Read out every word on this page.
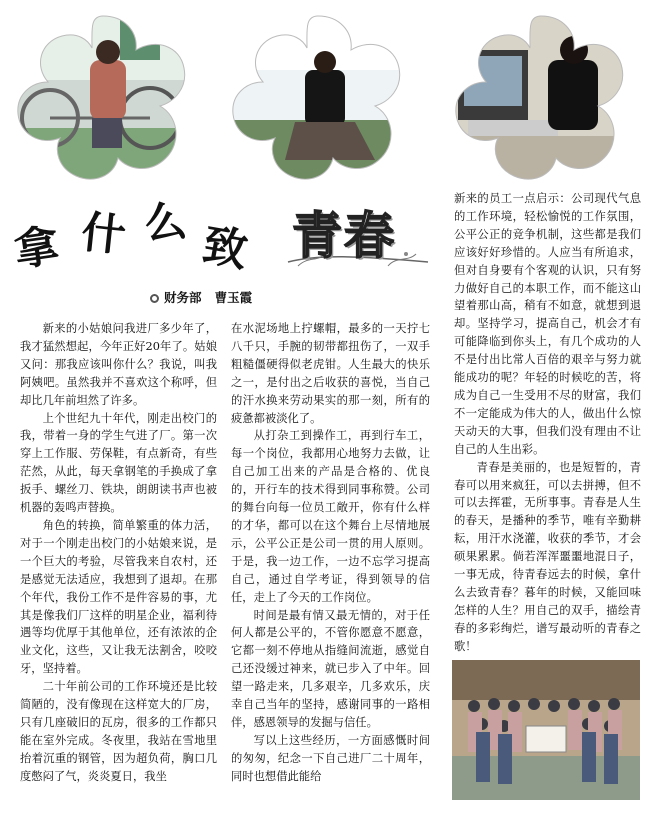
拿 什 么 致 青春
财务部 曹玉霞

新来的小姑娘问我进厂多少年了，我才猛然想起，今年正好20年了。姑娘又问：那我应该叫你什么？我说，叫我阿姨吧。虽然我并不喜欢这个称呼，但却比几年前坦然了许多。

上个世纪九十年代，刚走出校门的我，带着一身的学生气进了厂。第一次穿上工作服、劳保鞋，有点新奇，有些茫然，从此，每天拿钢笔的手换成了拿扳手、螺丝刀、铁块，朗朗读书声也被机器的轰鸣声替换。

角色的转换，简单繁重的体力活，对于一个刚走出校门的小姑娘来说，是一个巨大的考验，尽管我来自农村，还是感觉无法适应，我想到了退却。在那个年代，我份工作不是件容易的事，尤其是像我们厂这样的明星企业，福利待遇等均优厚于其他单位，还有浓浓的企业文化，这些，又让我无法割舍，咬咬牙，坚持着。

二十年前公司的工作环境还是比较简陋的，没有像现在这样宽大的厂房，只有几座破旧的瓦房，很多的工作都只能在室外完成。冬夜里，我站在雪地里抬着沉重的钢管，因为超负荷，胸口几度憋闷了气，炎炎夏日，我坐

在水泥场地上拧螺帽，最多的一天拧七八千只，手腕的韧带都扭伤了，一双手粗糙僵硬得似老虎钳。人生最大的快乐之一，是付出之后收获的喜悦，当自己的汗水换来劳动果实的那一刻，所有的疲惫都被淡化了。

从打杂工到操作工，再到行车工，每一个岗位，我都用心地努力去做，让自己加工出来的产品是合格的、优良的，开行车的技术得到同事称赞。公司的舞台向每一位员工敞开，你有什么样的才华，都可以在这个舞台上尽情地展示，公平公正是公司一贯的用人原则。于是，我一边工作，一边不忘学习提高自己，通过自学考证，得到领导的信任，走上了今天的工作岗位。

时间是最有情又最无情的，对于任何人都是公平的，不管你愿意不愿意，它都一刻不停地从指缝间流逝，感觉自己还没缓过神来，就已步入了中年。回望一路走来，几多艰辛，几多欢乐，庆幸自己当年的坚持，感谢同事的一路相伴，感恩领导的发掘与信任。

写以上这些经历，一方面感慨时间的匆匆，纪念一下自己进厂二十周年，同时也想借此能给

新来的员工一点启示：公司现代气息的工作环境，轻松愉悦的工作氛围，公平公正的竞争机制，这些都是我们应该好好珍惜的。人应当有所追求，但对自身要有个客观的认识，只有努力做好自己的本职工作，而不能这山望着那山高，稍有不如意，就想到退却。坚持学习，提高自己，机会才有可能降临到你头上，有几个成功的人不是付出比常人百倍的艰辛与努力就能成功的呢？年轻的时候吃的苦，将成为自己一生受用不尽的财富，我们不一定能成为伟大的人，做出什么惊天动天的大事，但我们没有理由不让自己的人生出彩。

青春是美丽的，也是短暂的，青春可以用来疯狂，可以去拼搏，但不可以去挥霍，无所事事。青春是人生的春天，是播种的季节，唯有辛勤耕耘，用汗水浇灌，收获的季节，才会硕果累累。倘若浑浑噩噩地混日子，一事无成，待青春远去的时候，拿什么去致青春？暮年的时候，又能回味怎样的人生？用自己的双手，描绘青春的多彩绚烂，谱写最动听的青春之歌！
